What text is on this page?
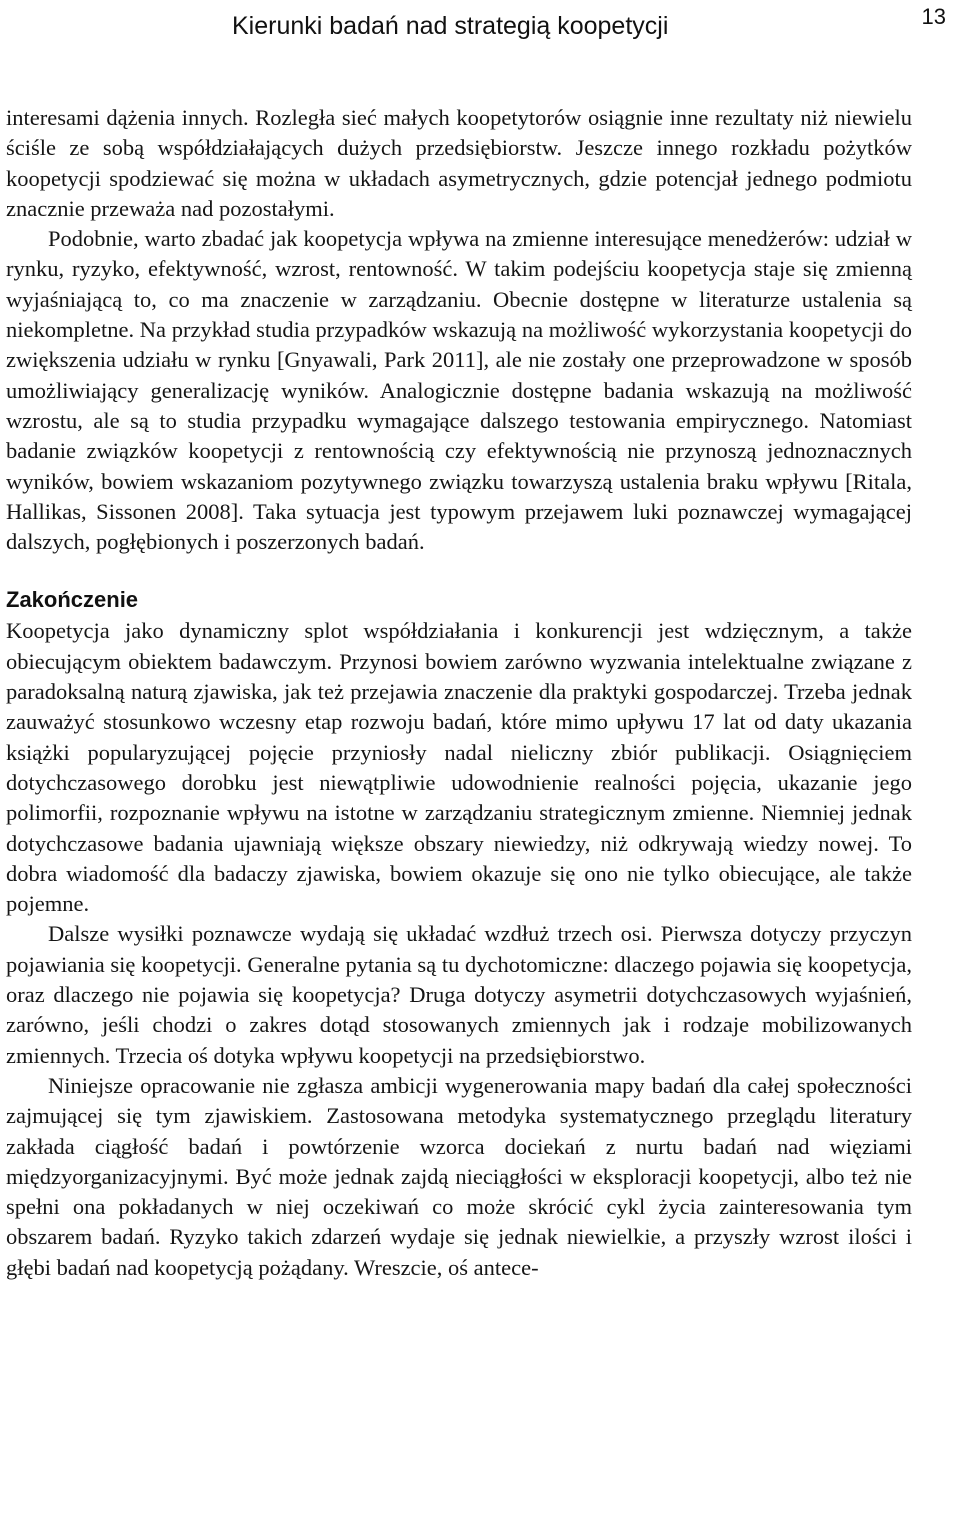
Kierunki badań nad strategią koopetycji	13

interesami dążenia innych. Rozległa sieć małych koopetytorów osiągnie inne rezultaty niż niewielu ściśle ze sobą współdziałających dużych przedsiębiorstw. Jeszcze innego rozkładu pożytków koopetycji spodziewać się można w układach asymetrycznych, gdzie potencjał jednego podmiotu znacznie przeważa nad pozostałymi.

Podobnie, warto zbadać jak koopetycja wpływa na zmienne interesujące menedżerów: udział w rynku, ryzyko, efektywność, wzrost, rentowność. W takim podejściu koopetycja staje się zmienną wyjaśniającą to, co ma znaczenie w zarządzaniu. Obecnie dostępne w literaturze ustalenia są niekompletne. Na przykład studia przypadków wskazują na możliwość wykorzystania koopetycji do zwiększenia udziału w rynku [Gnyawali, Park 2011], ale nie zostały one przeprowadzone w sposób umożliwiający generalizację wyników. Analogicznie dostępne badania wskazują na możliwość wzrostu, ale są to studia przypadku wymagające dalszego testowania empirycznego. Natomiast badanie związków koopetycji z rentownością czy efektywnością nie przynoszą jednoznacznych wyników, bowiem wskazaniom pozytywnego związku towarzyszą ustalenia braku wpływu [Ritala, Hallikas, Sissonen 2008]. Taka sytuacja jest typowym przejawem luki poznawczej wymagającej dalszych, pogłębionych i poszerzonych badań.

Zakończenie

Koopetycja jako dynamiczny splot współdziałania i konkurencji jest wdzięcznym, a także obiecującym obiektem badawczym. Przynosi bowiem zarówno wyzwania intelektualne związane z paradoksalną naturą zjawiska, jak też przejawia znaczenie dla praktyki gospodarczej. Trzeba jednak zauważyć stosunkowo wczesny etap rozwoju badań, które mimo upływu 17 lat od daty ukazania książki popularyzującej pojęcie przyniosły nadal nieliczny zbiór publikacji. Osiągnięciem dotychczasowego dorobku jest niewątpliwie udowodnienie realności pojęcia, ukazanie jego polimorfii, rozpoznanie wpływu na istotne w zarządzaniu strategicznym zmienne. Niemniej jednak dotychczasowe badania ujawniają większe obszary niewiedzy, niż odkrywają wiedzy nowej. To dobra wiadomość dla badaczy zjawiska, bowiem okazuje się ono nie tylko obiecujące, ale także pojemne.

Dalsze wysiłki poznawcze wydają się układać wzdłuż trzech osi. Pierwsza dotyczy przyczyn pojawiania się koopetycji. Generalne pytania są tu dychotomiczne: dlaczego pojawia się koopetycja, oraz dlaczego nie pojawia się koopetycja? Druga dotyczy asymetrii dotychczasowych wyjaśnień, zarówno, jeśli chodzi o zakres dotąd stosowanych zmiennych jak i rodzaje mobilizowanych zmiennych. Trzecia oś dotyka wpływu koopetycji na przedsiębiorstwo.

Niniejsze opracowanie nie zgłasza ambicji wygenerowania mapy badań dla całej społeczności zajmującej się tym zjawiskiem. Zastosowana metodyka systematycznego przeglądu literatury zakłada ciągłość badań i powtórzenie wzorca dociekań z nurtu badań nad więziami międzyorganizacyjnymi. Być może jednak zajdą nieciągłości w eksploracji koopetycji, albo też nie spełni ona pokładanych w niej oczekiwań co może skrócić cykl życia zainteresowania tym obszarem badań. Ryzyko takich zdarzeń wydaje się jednak niewielkie, a przyszły wzrost ilości i głębi badań nad koopetycją pożądany. Wreszcie, oś antece-
